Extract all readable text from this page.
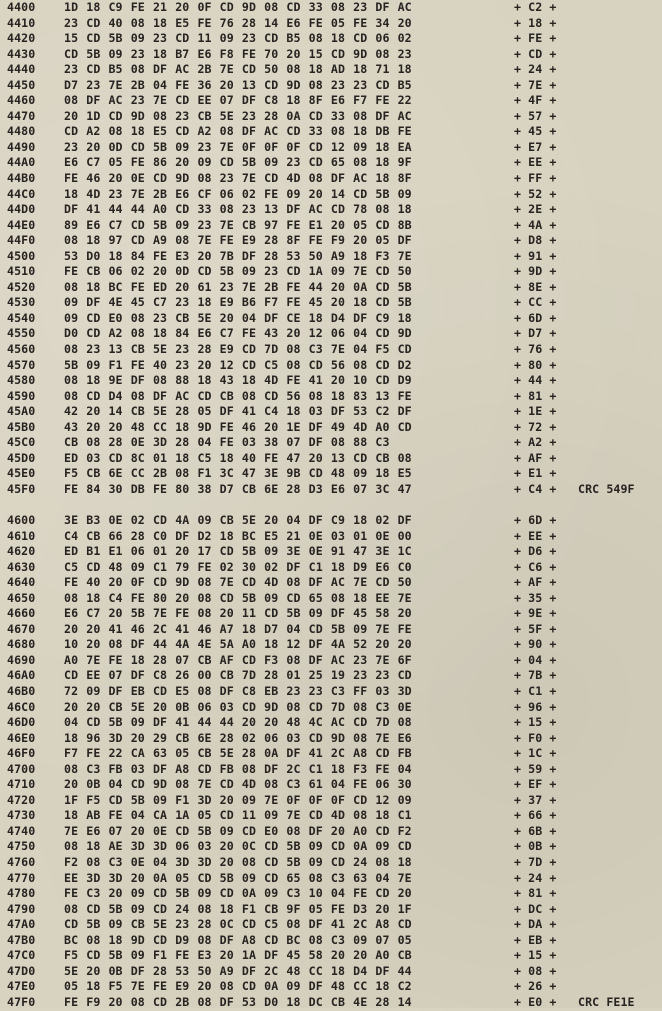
4400 1D 18 C9 FE 21 20 0F CD 9D 08 CD 33 08 23 DF AC	+ C2 +
4410 23 CD 40 08 18 E5 FE 76 28 14 E6 FE 05 FE 34 20	+ 18 +
4420 15 CD 5B 09 23 CD 11 09 23 CD B5 08 18 CD 06 02	+ FE +
4430 CD 5B 09 23 18 B7 E6 F8 FE 70 20 15 CD 9D 08 23	+ CD +
4440 23 CD B5 08 DF AC 2B 7E CD 50 08 18 AD 18 71 18	+ 24 +
4450 D7 23 7E 2B 04 FE 36 20 13 CD 9D 08 23 23 CD B5	+ 7E +
4460 08 DF AC 23 7E CD EE 07 DF C8 18 8F E6 F7 FE 22	+ 4F +
4470 20 1D CD 9D 08 23 CB 5E 23 28 0A CD 33 08 DF AC	+ 57 +
4480 CD A2 08 18 E5 CD A2 08 DF AC CD 33 08 18 DB FE	+ 45 +
4490 23 20 0D CD 5B 09 23 7E 0F 0F 0F CD 12 09 18 EA	+ E7 +
44A0 E6 C7 05 FE 86 20 09 CD 5B 09 23 CD 65 08 18 9F	+ EE +
44B0 FE 46 20 0E CD 9D 08 23 7E CD 4D 08 DF AC 18 8F	+ FF +
44C0 18 4D 23 7E 2B E6 CF 06 02 FE 09 20 14 CD 5B 09	+ 52 +
44D0 DF 41 44 44 A0 CD 33 08 23 13 DF AC CD 78 08 18	+ 2E +
44E0 89 E6 C7 CD 5B 09 23 7E CB 97 FE E1 20 05 CD 8B	+ 4A +
44F0 08 18 97 CD A9 08 7E FE E9 28 8F FE F9 20 05 DF	+ D8 +
4500 53 D0 18 84 FE E3 20 7B DF 28 53 50 A9 18 F3 7E	+ 91 +
4510 FE CB 06 02 20 0D CD 5B 09 23 CD 1A 09 7E CD 50	+ 9D +
4520 08 18 BC FE ED 20 61 23 7E 2B FE 44 20 0A CD 5B	+ 8E +
4530 09 DF 4E 45 C7 23 18 E9 B6 F7 FE 45 20 18 CD 5B	+ CC +
4540 09 CD E0 08 23 CB 5E 20 04 DF CE 18 D4 DF C9 18	+ 6D +
4550 D0 CD A2 08 18 84 E6 C7 FE 43 20 12 06 04 CD 9D	+ D7 +
4560 08 23 13 CB 5E 23 28 E9 CD 7D 08 C3 7E 04 F5 CD	+ 76 +
4570 5B 09 F1 FE 40 23 20 12 CD C5 08 CD 56 08 CD D2	+ 80 +
4580 08 18 9E DF 08 88 18 43 18 4D FE 41 20 10 CD D9	+ 44 +
4590 08 CD D4 08 DF AC CD CB 08 CD 56 08 18 83 13 FE	+ 81 +
45A0 42 20 14 CB 5E 28 05 DF 41 C4 18 03 DF 53 C2 DF	+ 1E +
45B0 43 20 20 48 CC 18 9D FE 46 20 1E DF 49 4D A0 CD	+ 72 +
45C0 CB 08 28 0E 3D 28 04 FE 03 38 07 DF 08 88 C3	+ A2 +
45D0 ED 03 CD 8C 01 18 C5 18 40 FE 47 20 13 CD CB 08	+ AF +
45E0 F5 CB 6E CC 2B 08 F1 3C 47 3E 9B CD 48 09 18 E5	+ E1 +
45F0 FE 84 30 DB FE 80 38 D7 CB 6E 28 D3 E6 07 3C 47	+ C4 + CRC 549F
4600 3E B3 0E 02 CD 4A 09 CB 5E 20 04 DF C9 18 02 DF	+ 6D +
4610 C4 CB 66 28 C0 DF D2 18 BC E5 21 0E 03 01 0E 00	+ EE +
4620 ED B1 E1 06 01 20 17 CD 5B 09 3E 0E 91 47 3E 1C	+ D6 +
4630 C5 CD 48 09 C1 79 FE 02 30 02 DF C1 18 D9 E6 C0	+ C6 +
4640 FE 40 20 0F CD 9D 08 7E CD 4D 08 DF AC 7E CD 50	+ AF +
4650 08 18 C4 FE 80 20 08 CD 5B 09 CD 65 08 18 EE 7E	+ 35 +
4660 E6 C7 20 5B 7E FE 08 20 11 CD 5B 09 DF 45 58 20	+ 9E +
4670 20 20 41 46 2C 41 46 A7 18 D7 04 CD 5B 09 7E FE	+ 5F +
4680 10 20 08 DF 44 4A 4E 5A A0 18 12 DF 4A 52 20 20	+ 90 +
4690 A0 7E FE 18 28 07 CB AF CD F3 08 DF AC 23 7E 6F	+ 04 +
46A0 CD EE 07 DF C8 26 00 CB 7D 28 01 25 19 23 23 CD	+ 7B +
46B0 72 09 DF EB CD E5 08 DF C8 EB 23 23 C3 FF 03 3D	+ C1 +
46C0 20 20 CB 5E 20 0B 06 03 CD 9D 08 CD 7D 08 C3 0E	+ 96 +
46D0 04 CD 5B 09 DF 41 44 44 20 20 48 4C AC CD 7D 08	+ 15 +
46E0 18 96 3D 20 29 CB 6E 28 02 06 03 CD 9D 08 7E E6	+ F0 +
46F0 F7 FE 22 CA 63 05 CB 5E 28 0A DF 41 2C A8 CD FB	+ 1C +
4700 08 C3 FB 03 DF A8 CD FB 08 DF 2C C1 18 F3 FE 04	+ 59 +
4710 20 0B 04 CD 9D 08 7E CD 4D 08 C3 61 04 FE 06 30	+ EF +
4720 1F F5 CD 5B 09 F1 3D 20 09 7E 0F 0F 0F CD 12 09	+ 37 +
4730 18 AB FE 04 CA 1A 05 CD 11 09 7E CD 4D 08 18 C1	+ 66 +
4740 7E E6 07 20 0E CD 5B 09 CD E0 08 DF 20 A0 CD F2	+ 6B +
4750 08 18 AE 3D 3D 06 03 20 0C CD 5B 09 CD 0A 09 CD	+ 0B +
4760 F2 08 C3 0E 04 3D 3D 20 08 CD 5B 09 CD 24 08 18	+ 7D +
4770 EE 3D 3D 20 0A 05 CD 5B 09 CD 65 08 C3 63 04 7E	+ 24 +
4780 FE C3 20 09 CD 5B 09 CD 0A 09 C3 10 04 FE CD 20	+ 81 +
4790 08 CD 5B 09 CD 24 08 18 F1 CB 9F 05 FE D3 20 1F	+ DC +
47A0 CD 5B 09 CB 5E 23 28 0C CD C5 08 DF 41 2C A8 CD	+ DA +
47B0 BC 08 18 9D CD D9 08 DF A8 CD BC 08 C3 09 07 05	+ EB +
47C0 F5 CD 5B 09 F1 FE E3 20 1A DF 45 58 20 20 A0 CB	+ 15 +
47D0 5E 20 0B DF 28 53 50 A9 DF 2C 48 CC 18 D4 DF 44	+ 08 +
47E0 05 18 F5 7E FE E9 20 08 CD 0A 09 DF 48 CC 18 C2	+ 26 +
47F0 FE F9 20 08 CD 2B 08 DF 53 D0 18 DC CB 4E 28 14	+ E0 + CRC FE1E
